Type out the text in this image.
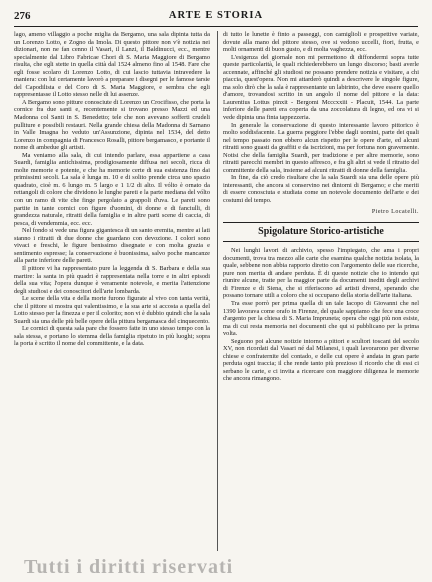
276	ARTE E STORIA

lago, ameno villaggio a poche miglia da Bergamo, una sala dipinta tutta da un Lorenzo Lotto, e Zogno da Imola. Di questo pittore non v'è notizia nei dizionari, non ne fan cenno il Vasari, il Lanzi, il Baldinucci, ecc., mentre specialmente dal Libro Fabricae Chori di S. Maria Maggiore di Bergamo risulta, che egli stette in quella città dal 1524 almeno fino al 1548. Fare che egli fosse scolaro di Lorenzo Lotto, di cui lascio tuttavia intravedere la maniera: con lui certamente lavorò a preparare i disegni per le famose tarsie del Capodilista e del Coro di S. Maria Maggiore, e sembra che egli rappresentasse il Lotto stesso nelle di lui assenze.

A Bergamo sono pitture conosciute di Lorenzo un Crocifisso, che porta la cornice fra due santi e, recentemente si trovano presso Mazzi ed una Madonna col Santi in S. Benedetto; tele che non avevano sofferti crudeli pulliture e possibili restauri. Nella grande chiesa della Madonna di Sarnano in Valle Imagna ho veduto un'Assunzione, dipinta nel 1534, del detto Lorenzo in compagnia di Francesco Rosalli, pittore bergamasco, e portante il nome di ambedue gli artisti.

Ma veniamo alla sala, di cui intendo parlare, essa appartiene a casa Suardi, famiglia antichissima, prodigiosamente diffusa nei secoli, ricca di molte memorie e potente, e che ha memorie certe di sua esistenza fino dai primissimi secoli. La sala è lunga m. 10 e di solito prende circa uno spazio quadrato, cioè m. 6 lungo m. 5 largo e 1 1/2 di alto. Il vólto è ornato da rettangoli di colore che dividono le lunghe pareti e la parte mediana del vólto con un ramo di vite che finge pergolato a grappoli d'uva. Le pareti sono partite in tante cornici con figure d'uomini, di donne e di fanciulli, di grandezza naturale, ritratti della famiglia e in altre parti scene di caccia, di pesca, di vendemmia, ecc. ecc.

Nel fondo si vede una figura gigantesca di un santo eremita, mentre ai lati stanno i ritratti di due donne che guardano con devozione. I colori sono vivaci e freschi, le figure benissimo disegnate e con molta grazia e sentimento espresse; la conservazione è buonissima, salvo poche mancanze alla parte inferiore delle pareti.

Il pittore vi ha rappresentato pure la leggenda di S. Barbara e della sua martire: la santa in più quadri è rappresentata nella torre e in altri episodi della sua vita; l'opera dunque è veramente notevole, e merita l'attenzione degli studiosi e dei conoscitori dell'arte lombarda.

Le scene della vita e della morte furono figurate al vivo con tanta verità, che il pittore si mostra qui valentissimo, e la sua arte si accosta a quella del Lotto stesso per la finezza e per il colorito; non vi è dubbio quindi che la sala Suardi sia una delle più belle opere della pittura bergamasca del cinquecento.

Le cornici di questa sala pare che fossero fatte in uno stesso tempo con la sala stessa, e portano lo stemma della famiglia ripetuto in più luoghi; sopra la porta è scritto il nome del committente, e la data.

di tutto le lunette è finto a passeggi, con camiglioli e prospettive variate, dovute alla mano del pittore stesso, ove si vedono uccelli, fiori, frutta, e molti ornamenti di buon gusto, e di molta vaghezza, ecc.

L'esigenza del giornale non mi permettono di diffondermi sopra tutte queste particolarità, le quali richiederebbero un lungo discorso; basti averle accennate, affinché gli studiosi ne possano prendere notizia e visitare, a chi piaccia, quest'opera. Non mi attarderò quindi a descrivere le singole figure, ma solo dirò che la sala è rappresentante un labirinto, che deve essere quello d'amore, trovandosi scritto in un angolo il nome del pittore e la data: Laurentius Lottus pinxit - Bergomi Mcccxxiii - Placuit, 1544. La parte inferiore delle pareti era coperta da una zoccolatura di legno, ed ora vi si vede dipinta una finta tappezzeria.

In generale la conservazione di questo interessante lavoro pittorico è molto soddisfacente. La guerra peggiore l'ebbe dagli uomini, parte dei quali nel tempo passato non ebbero alcun rispetto per le opere d'arte, ed alcuni ritratti sono guasti da graffiti e da iscrizioni, ma per fortuna non gravemente. Notisi che della famiglia Suardi, per tradizione e per altre memorie, sono ritratti parecchi membri in questo affresco, e fra gli altri si vede il ritratto del committente della sala, insieme ad alcuni ritratti di donne della famiglia.

In fine, da ciò credo risultare che la sala Suardi sia una delle opere più interessanti, che ancora si conservino nei dintorni di Bergamo; e che meriti di essere conosciuta e studiata come un notevole documento dell'arte e dei costumi del tempo.

Pietro Locatelli.

Spigolature Storico-artistiche

Nei lunghi lavori di archivio, spesso l'impiegato, che ama i propri documenti, trova tra mezzo alle carte che esamina qualche notizia isolata, la quale, sebbene non abbia rapporto diretto con l'argomento delle sue ricerche, pure non merita di andare perduta. È di queste notizie che io intendo qui riunire alcune, tratte per la maggior parte da documenti inediti degli archivi di Firenze e di Siena, che si riferiscono ad artisti diversi, sperando che possano tornare utili a coloro che si occupano della storia dell'arte italiana.

Tra esse porrò per prima quella di un tale Iacopo di Giovanni che nel 1390 lavorava come orafo in Firenze, del quale sappiamo che fece una croce d'argento per la chiesa di S. Maria Impruneta; opera che oggi più non esiste, ma di cui resta memoria nei documenti che qui si pubblicano per la prima volta.

Seguono poi alcune notizie intorno a pittori e scultori toscani del secolo XV, non ricordati dal Vasari né dal Milanesi, i quali lavorarono per diverse chiese e confraternite del contado, e delle cui opere è andata in gran parte perduta ogni traccia; il che rende tanto più prezioso il ricordo che di essi ci serbano le carte, e ci invita a ricercare con maggiore diligenza le memorie che ancora rimangono.

Tutti i diritti riservati
